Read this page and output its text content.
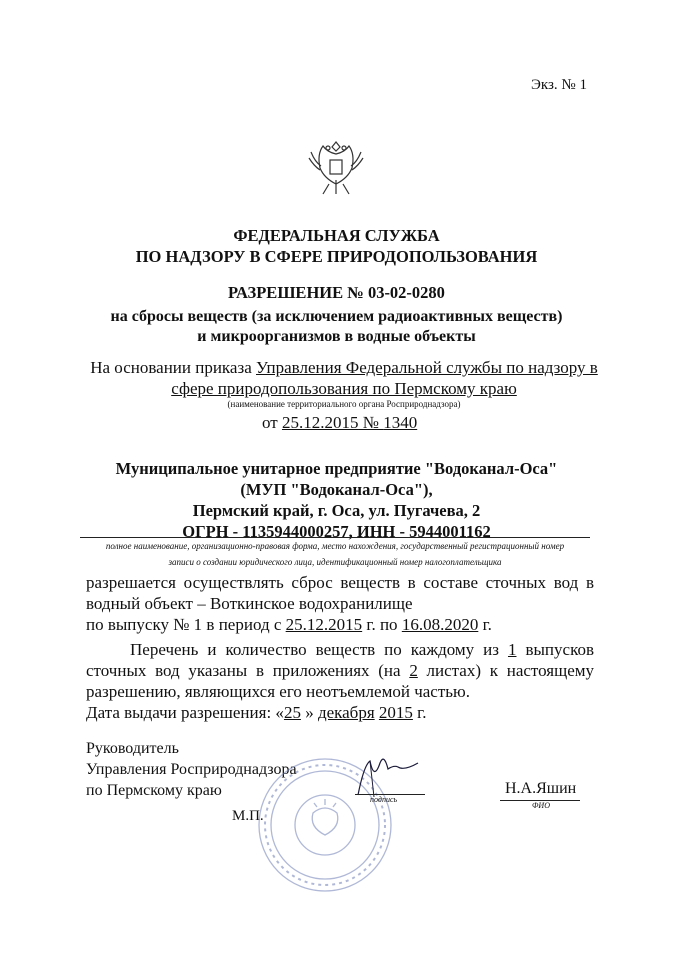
Экз. № 1
ФЕДЕРАЛЬНАЯ СЛУЖБА
ПО НАДЗОРУ В СФЕРЕ ПРИРОДОПОЛЬЗОВАНИЯ
РАЗРЕШЕНИЕ № 03-02-0280
на сбросы веществ (за исключением радиоактивных веществ)
и микроорганизмов в водные объекты
На основании приказа Управления Федеральной службы по надзору в сфере природопользования по Пермскому краю
(наименование территориального органа Росприроднадзора)
от 25.12.2015 № 1340
Муниципальное унитарное предприятие "Водоканал-Оса"
(МУП "Водоканал-Оса"),
Пермский край, г. Оса, ул. Пугачева, 2
ОГРН - 1135944000257, ИНН - 5944001162
полное наименование, организационно-правовая форма, место нахождения, государственный регистрационный номер
записи о создании юридического лица, идентификационный номер налогоплательщика

разрешается осуществлять сброс веществ в составе сточных вод в водный объект – Воткинское водохранилище

по выпуску № 1 в период с 25.12.2015 г. по 16.08.2020 г.

Перечень и количество веществ по каждому из 1 выпусков сточных вод указаны в приложениях (на 2 листах) к настоящему разрешению, являющихся его неотъемлемой частью.

Дата выдачи разрешения: «25 » декабря 2015 г.
Руководитель
Управления Росприроднадзора
по Пермскому краю
подпись
Н.А.Яшин
ФИО
М.П.
